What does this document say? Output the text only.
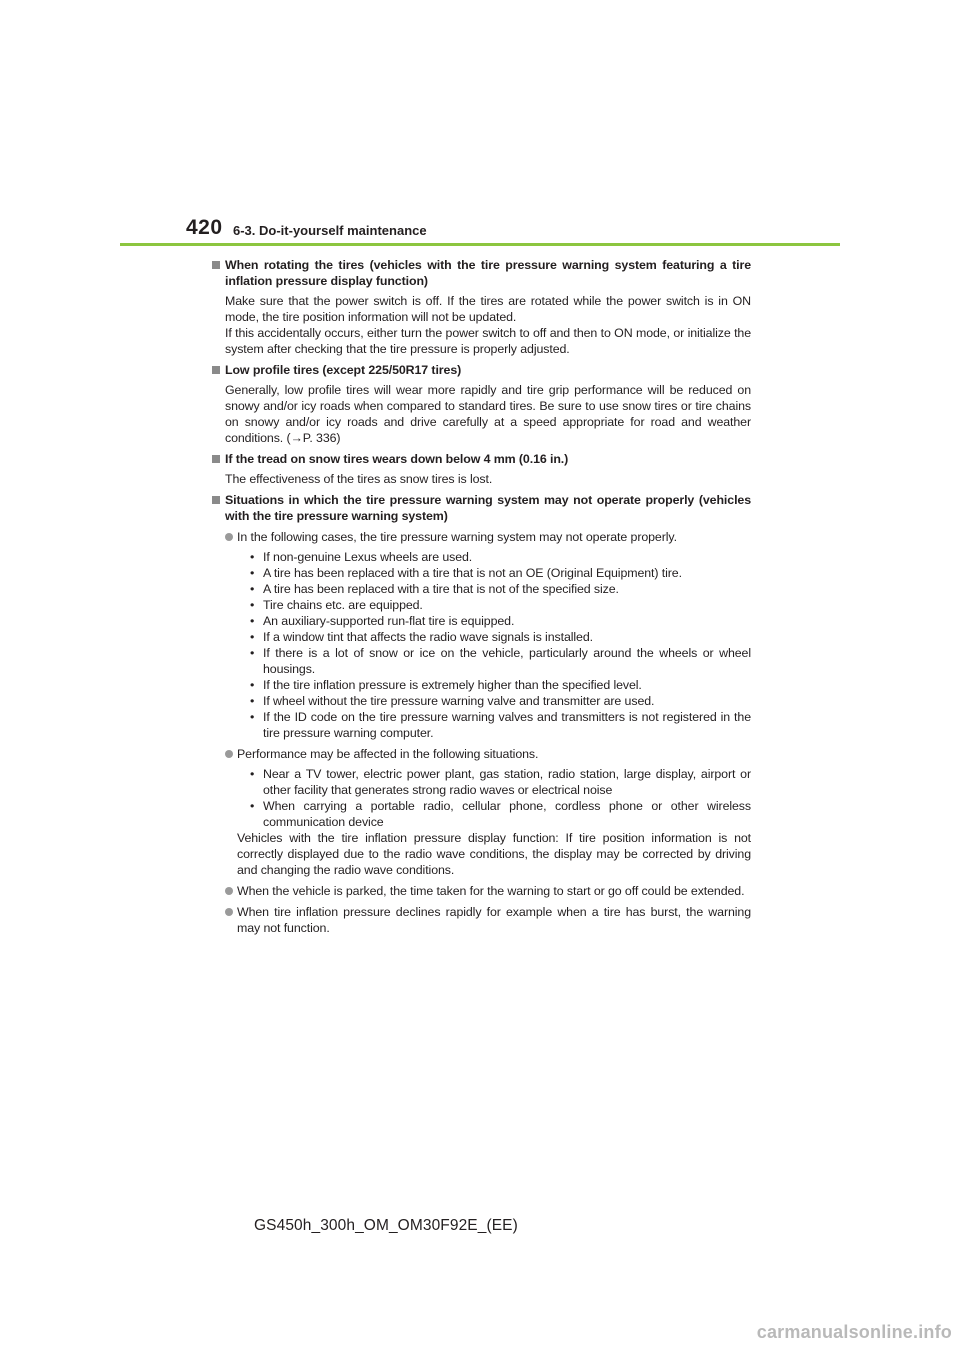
420 6-3. Do-it-yourself maintenance
When rotating the tires (vehicles with the tire pressure warning system featuring a tire inflation pressure display function)
Make sure that the power switch is off. If the tires are rotated while the power switch is in ON mode, the tire position information will not be updated.
If this accidentally occurs, either turn the power switch to off and then to ON mode, or initialize the system after checking that the tire pressure is properly adjusted.
Low profile tires (except 225/50R17 tires)
Generally, low profile tires will wear more rapidly and tire grip performance will be reduced on snowy and/or icy roads when compared to standard tires. Be sure to use snow tires or tire chains on snowy and/or icy roads and drive carefully at a speed appropriate for road and weather conditions. (→P. 336)
If the tread on snow tires wears down below 4 mm (0.16 in.)
The effectiveness of the tires as snow tires is lost.
Situations in which the tire pressure warning system may not operate properly (vehicles with the tire pressure warning system)
In the following cases, the tire pressure warning system may not operate properly.
• If non-genuine Lexus wheels are used.
• A tire has been replaced with a tire that is not an OE (Original Equipment) tire.
• A tire has been replaced with a tire that is not of the specified size.
• Tire chains etc. are equipped.
• An auxiliary-supported run-flat tire is equipped.
• If a window tint that affects the radio wave signals is installed.
• If there is a lot of snow or ice on the vehicle, particularly around the wheels or wheel housings.
• If the tire inflation pressure is extremely higher than the specified level.
• If wheel without the tire pressure warning valve and transmitter are used.
• If the ID code on the tire pressure warning valves and transmitters is not registered in the tire pressure warning computer.
Performance may be affected in the following situations.
• Near a TV tower, electric power plant, gas station, radio station, large display, airport or other facility that generates strong radio waves or electrical noise
• When carrying a portable radio, cellular phone, cordless phone or other wireless communication device
Vehicles with the tire inflation pressure display function: If tire position information is not correctly displayed due to the radio wave conditions, the display may be corrected by driving and changing the radio wave conditions.
When the vehicle is parked, the time taken for the warning to start or go off could be extended.
When tire inflation pressure declines rapidly for example when a tire has burst, the warning may not function.
GS450h_300h_OM_OM30F92E_(EE)
carmanualsonline.info
